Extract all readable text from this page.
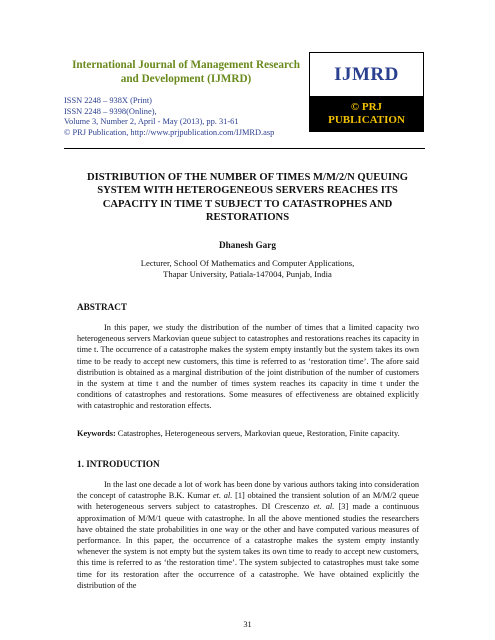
International Journal of Management Research and Development (IJMRD)
ISSN 2248 – 938X (Print)
ISSN 2248 – 9398(Online),
Volume 3, Number 2, April - May (2013), pp. 31-61
© PRJ Publication, http://www.prjpublication.com/IJMRD.asp
IJMRD
© PRJ
PUBLICATION
DISTRIBUTION OF THE NUMBER OF TIMES M/M/2/N QUEUING SYSTEM WITH HETEROGENEOUS SERVERS REACHES ITS CAPACITY IN TIME T SUBJECT TO CATASTROPHES AND RESTORATIONS
Dhanesh Garg
Lecturer, School Of Mathematics and Computer Applications,
Thapar University, Patiala-147004, Punjab, India
ABSTRACT

In this paper, we study the distribution of the number of times that a limited capacity two heterogeneous servers Markovian queue subject to catastrophes and restorations reaches its capacity in time t. The occurrence of a catastrophe makes the system empty instantly but the system takes its own time to be ready to accept new customers, this time is referred to as ‘restoration time’. The afore said distribution is obtained as a marginal distribution of the joint distribution of the number of customers in the system at time t and the number of times system reaches its capacity in time t under the conditions of catastrophes and restorations. Some measures of effectiveness are obtained explicitly with catastrophic and restoration effects.

Keywords: Catastrophes, Heterogeneous servers, Markovian queue, Restoration, Finite capacity.

1. INTRODUCTION

In the last one decade a lot of work has been done by various authors taking into consideration the concept of catastrophe B.K. Kumar et. al. [1] obtained the transient solution of an M/M/2 queue with heterogeneous servers subject to catastrophes. DI Crescenzo et. al. [3] made a continuous approximation of M/M/1 queue with catastrophe. In all the above mentioned studies the researchers have obtained the state probabilities in one way or the other and have computed various measures of performance. In this paper, the occurrence of a catastrophe makes the system empty instantly whenever the system is not empty but the system takes its own time to ready to accept new customers, this time is referred to as ‘the restoration time’. The system subjected to catastrophes must take some time for its restoration after the occurrence of a catastrophe. We have obtained explicitly the distribution of the

31
